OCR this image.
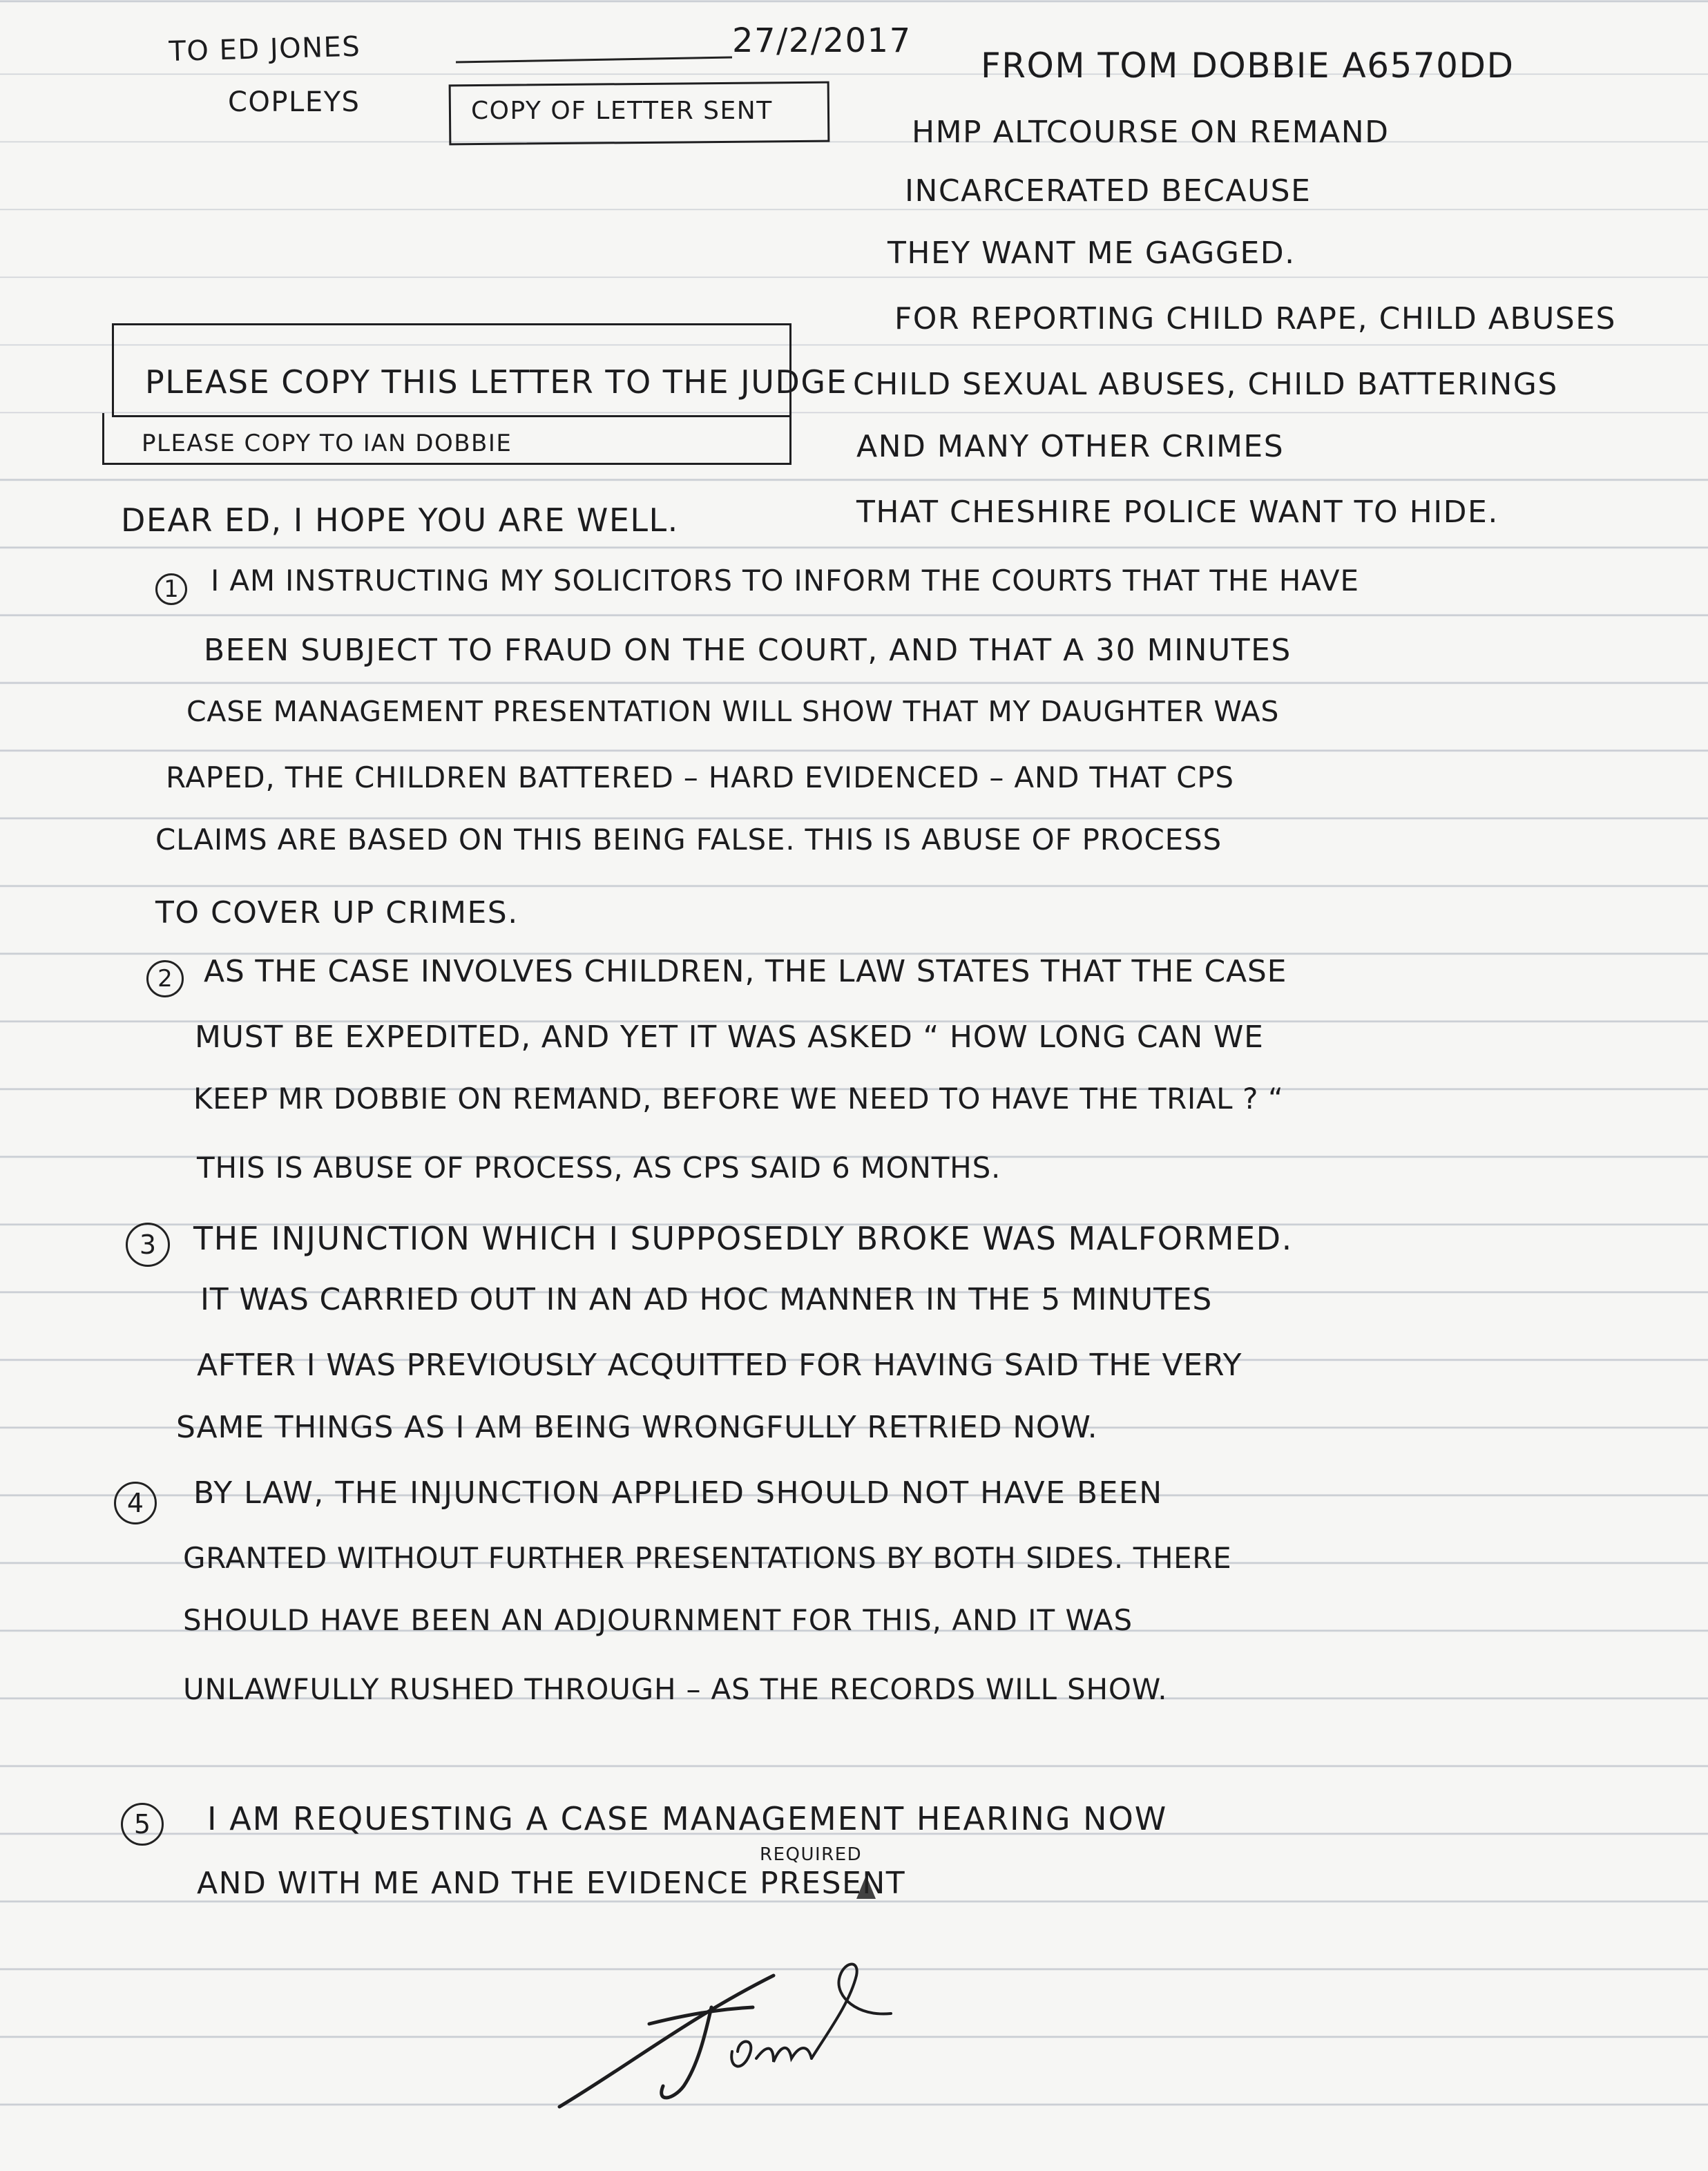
TO ED JONES
COPLEYS
27/2/2017
COPY OF LETTER SENT
FROM TOM DOBBIE A6570DD
HMP ALTCOURSE ON REMAND
INCARCERATED BECAUSE
THEY WANT ME GAGGED.
FOR REPORTING CHILD RAPE, CHILD ABUSES
CHILD SEXUAL ABUSES, CHILD BATTERINGS
AND MANY OTHER CRIMES
THAT CHESHIRE POLICE WANT TO HIDE.
PLEASE COPY THIS LETTER TO THE JUDGE
PLEASE COPY TO IAN DOBBIE
DEAR ED, I HOPE YOU ARE WELL.
1 I AM INSTRUCTING MY SOLICITORS TO INFORM THE COURTS THAT THE HAVE
BEEN SUBJECT TO FRAUD ON THE COURT, AND THAT A 30 MINUTES
CASE MANAGEMENT PRESENTATION WILL SHOW THAT MY DAUGHTER WAS
RAPED, THE CHILDREN BATTERED – HARD EVIDENCED – AND THAT CPS
CLAIMS ARE BASED ON THIS BEING FALSE. THIS IS ABUSE OF PROCESS
TO COVER UP CRIMES.
2	AS THE CASE INVOLVES CHILDREN, THE LAW STATES THAT THE CASE
MUST BE EXPEDITED, AND YET IT WAS ASKED “ HOW LONG CAN WE
KEEP MR DOBBIE ON REMAND, BEFORE WE NEED TO HAVE THE TRIAL ? “
THIS IS ABUSE OF PROCESS, AS CPS SAID 6 MONTHS.
3	THE INJUNCTION WHICH I SUPPOSEDLY BROKE WAS MALFORMED.
IT WAS CARRIED OUT IN AN AD HOC MANNER IN THE 5 MINUTES
AFTER I WAS PREVIOUSLY ACQUITTED FOR HAVING SAID THE VERY
SAME THINGS AS I AM BEING WRONGFULLY RETRIED NOW.
4	BY LAW, THE INJUNCTION APPLIED SHOULD NOT HAVE BEEN
GRANTED WITHOUT FURTHER PRESENTATIONS BY BOTH SIDES. THERE
SHOULD HAVE BEEN AN ADJOURNMENT FOR THIS, AND IT WAS
UNLAWFULLY RUSHED THROUGH – AS THE RECORDS WILL SHOW.
5	I AM REQUESTING A CASE MANAGEMENT HEARING NOW
AND WITH ME AND THE EVIDENCE PRESENT
REQUIRED
